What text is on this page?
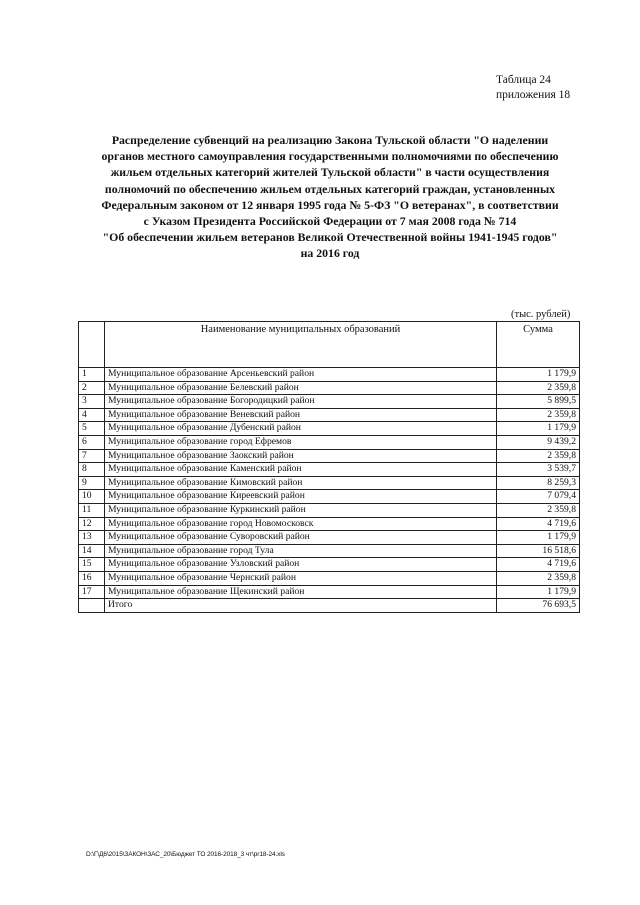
Таблица 24
приложения 18
Распределение субвенций на реализацию Закона Тульской области "О наделении
органов местного самоуправления государственными полномочиями по обеспечению
жильем отдельных категорий жителей Тульской области" в части осуществления
полномочий по обеспечению жильем отдельных категорий граждан, установленных
Федеральным законом от 12 января 1995 года № 5-ФЗ "О ветеранах", в соответствии
с Указом Президента Российской Федерации от 7 мая 2008 года № 714
"Об обеспечении жильем ветеранов Великой Отечественной войны 1941-1945 годов"
на 2016 год
(тыс. рублей)
	Наименование муниципальных образований	Сумма
1	Муниципальное образование Арсеньевский район	1 179,9
2	Муниципальное образование Белевский район	2 359,8
3	Муниципальное образование Богородицкий район	5 899,5
4	Муниципальное образование Веневский район	2 359,8
5	Муниципальное образование Дубенский район	1 179,9
6	Муниципальное образование город Ефремов	9 439,2
7	Муниципальное образование Заокский район	2 359,8
8	Муниципальное образование Каменский район	3 539,7
9	Муниципальное образование Кимовский район	8 259,3
10	Муниципальное образование Киреевский район	7 079,4
11	Муниципальное образование Куркинский район	2 359,8
12	Муниципальное образование город Новомосковск	4 719,6
13	Муниципальное образование Суворовский район	1 179,9
14	Муниципальное образование город Тула	16 518,6
15	Муниципальное образование Узловский район	4 719,6
16	Муниципальное образование Чернский район	2 359,8
17	Муниципальное образование Щекинский район	1 179,9
	Итого	76 693,5
D:\Г\Д6\2015\ЗАКОН\ЗАС_20\Бюджет ТО 2016-2018_3 чт\pr18-24.xls
